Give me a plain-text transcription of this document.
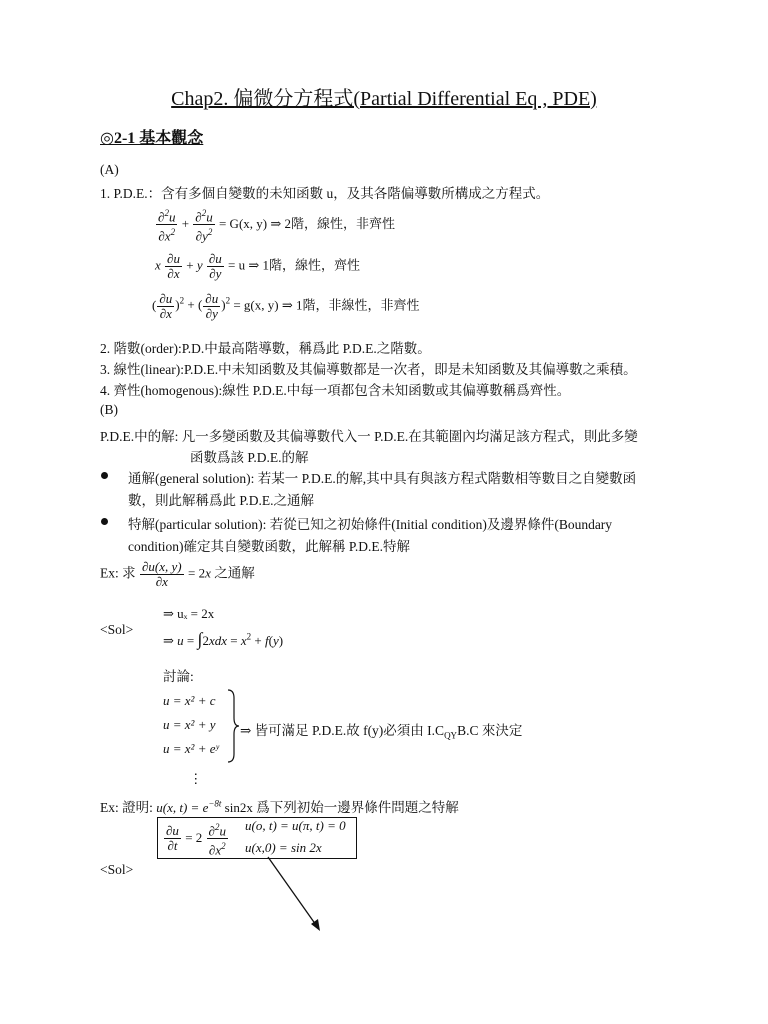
Chap2. 偏微分方程式(Partial Differential Eq , PDE)
◎2-1 基本觀念
(A)
1. P.D.E.：含有多個自變數的未知函數 u，及其各階偏導數所構成之方程式。
$\frac{\partial^2u}{\partial x^2} + \frac{\partial^2u}{\partial y^2} = G(x$, y) ⇒ 2階，線性，非齊性
x $\frac{\partial u}{\partial x} + y \frac{\partial u}{\partial y} = u$ ⇒ 1階，線性，齊性
( $\frac{\partial u}{\partial x} )^2$ + ( $\frac{\partial u}{\partial y} )^2 = g(x$, y) ⇒ 1階，非線性，非齊性
2. 階數(order):P.D.中最高階導數，稱爲此 P.D.E.之階數。
3. 線性(linear):P.D.E.中未知函數及其偏導數都是一次者，即是未知函數及其偏導數之乘積。
4. 齊性(homogenous):線性 P.D.E.中每一項都包含未知函數或其偏導數稱爲齊性。
(B)
P.D.E.中的解: 凡一多變函數及其偏導數代入一 P.D.E.在其範圍內均滿足該方程式，則此多變
函數爲該 P.D.E.的解
通解(general solution): 若某一 P.D.E.的解,其中具有與該方程式階數相等數目之自變數函
數，則此解稱爲此 P.D.E.之通解
特解(particular solution): 若從已知之初始條件(Initial condition)及邊界條件(Boundary
condition)確定其自變數函數，此解稱 P.D.E.特解
Ex: 求 $\frac{\partial u(x, y)}{\partial x} = 2x$ 之通解
⇒ uₓ = 2x
<Sol>
⇒ $u = \int 2xdx = x^2 + f(y)$
討論:
u = x² + c
u = x² + y
u = x² + eʸ
⇒ 皆可滿足 P.D.E.故 f(y)必須由 $I.C_{QY}B.C$ 來決定
⋮
Ex: 證明: u(x, $t) = e^{-8t}$ sin2x 爲下列初始一邊界條件問題之特解
$\frac{\partial u}{\partial t} = 2 \frac{\partial^2u}{\partial x^2} u(o$, t) = u(π, t) = 0
u(x,0) = sin 2x
<Sol>
